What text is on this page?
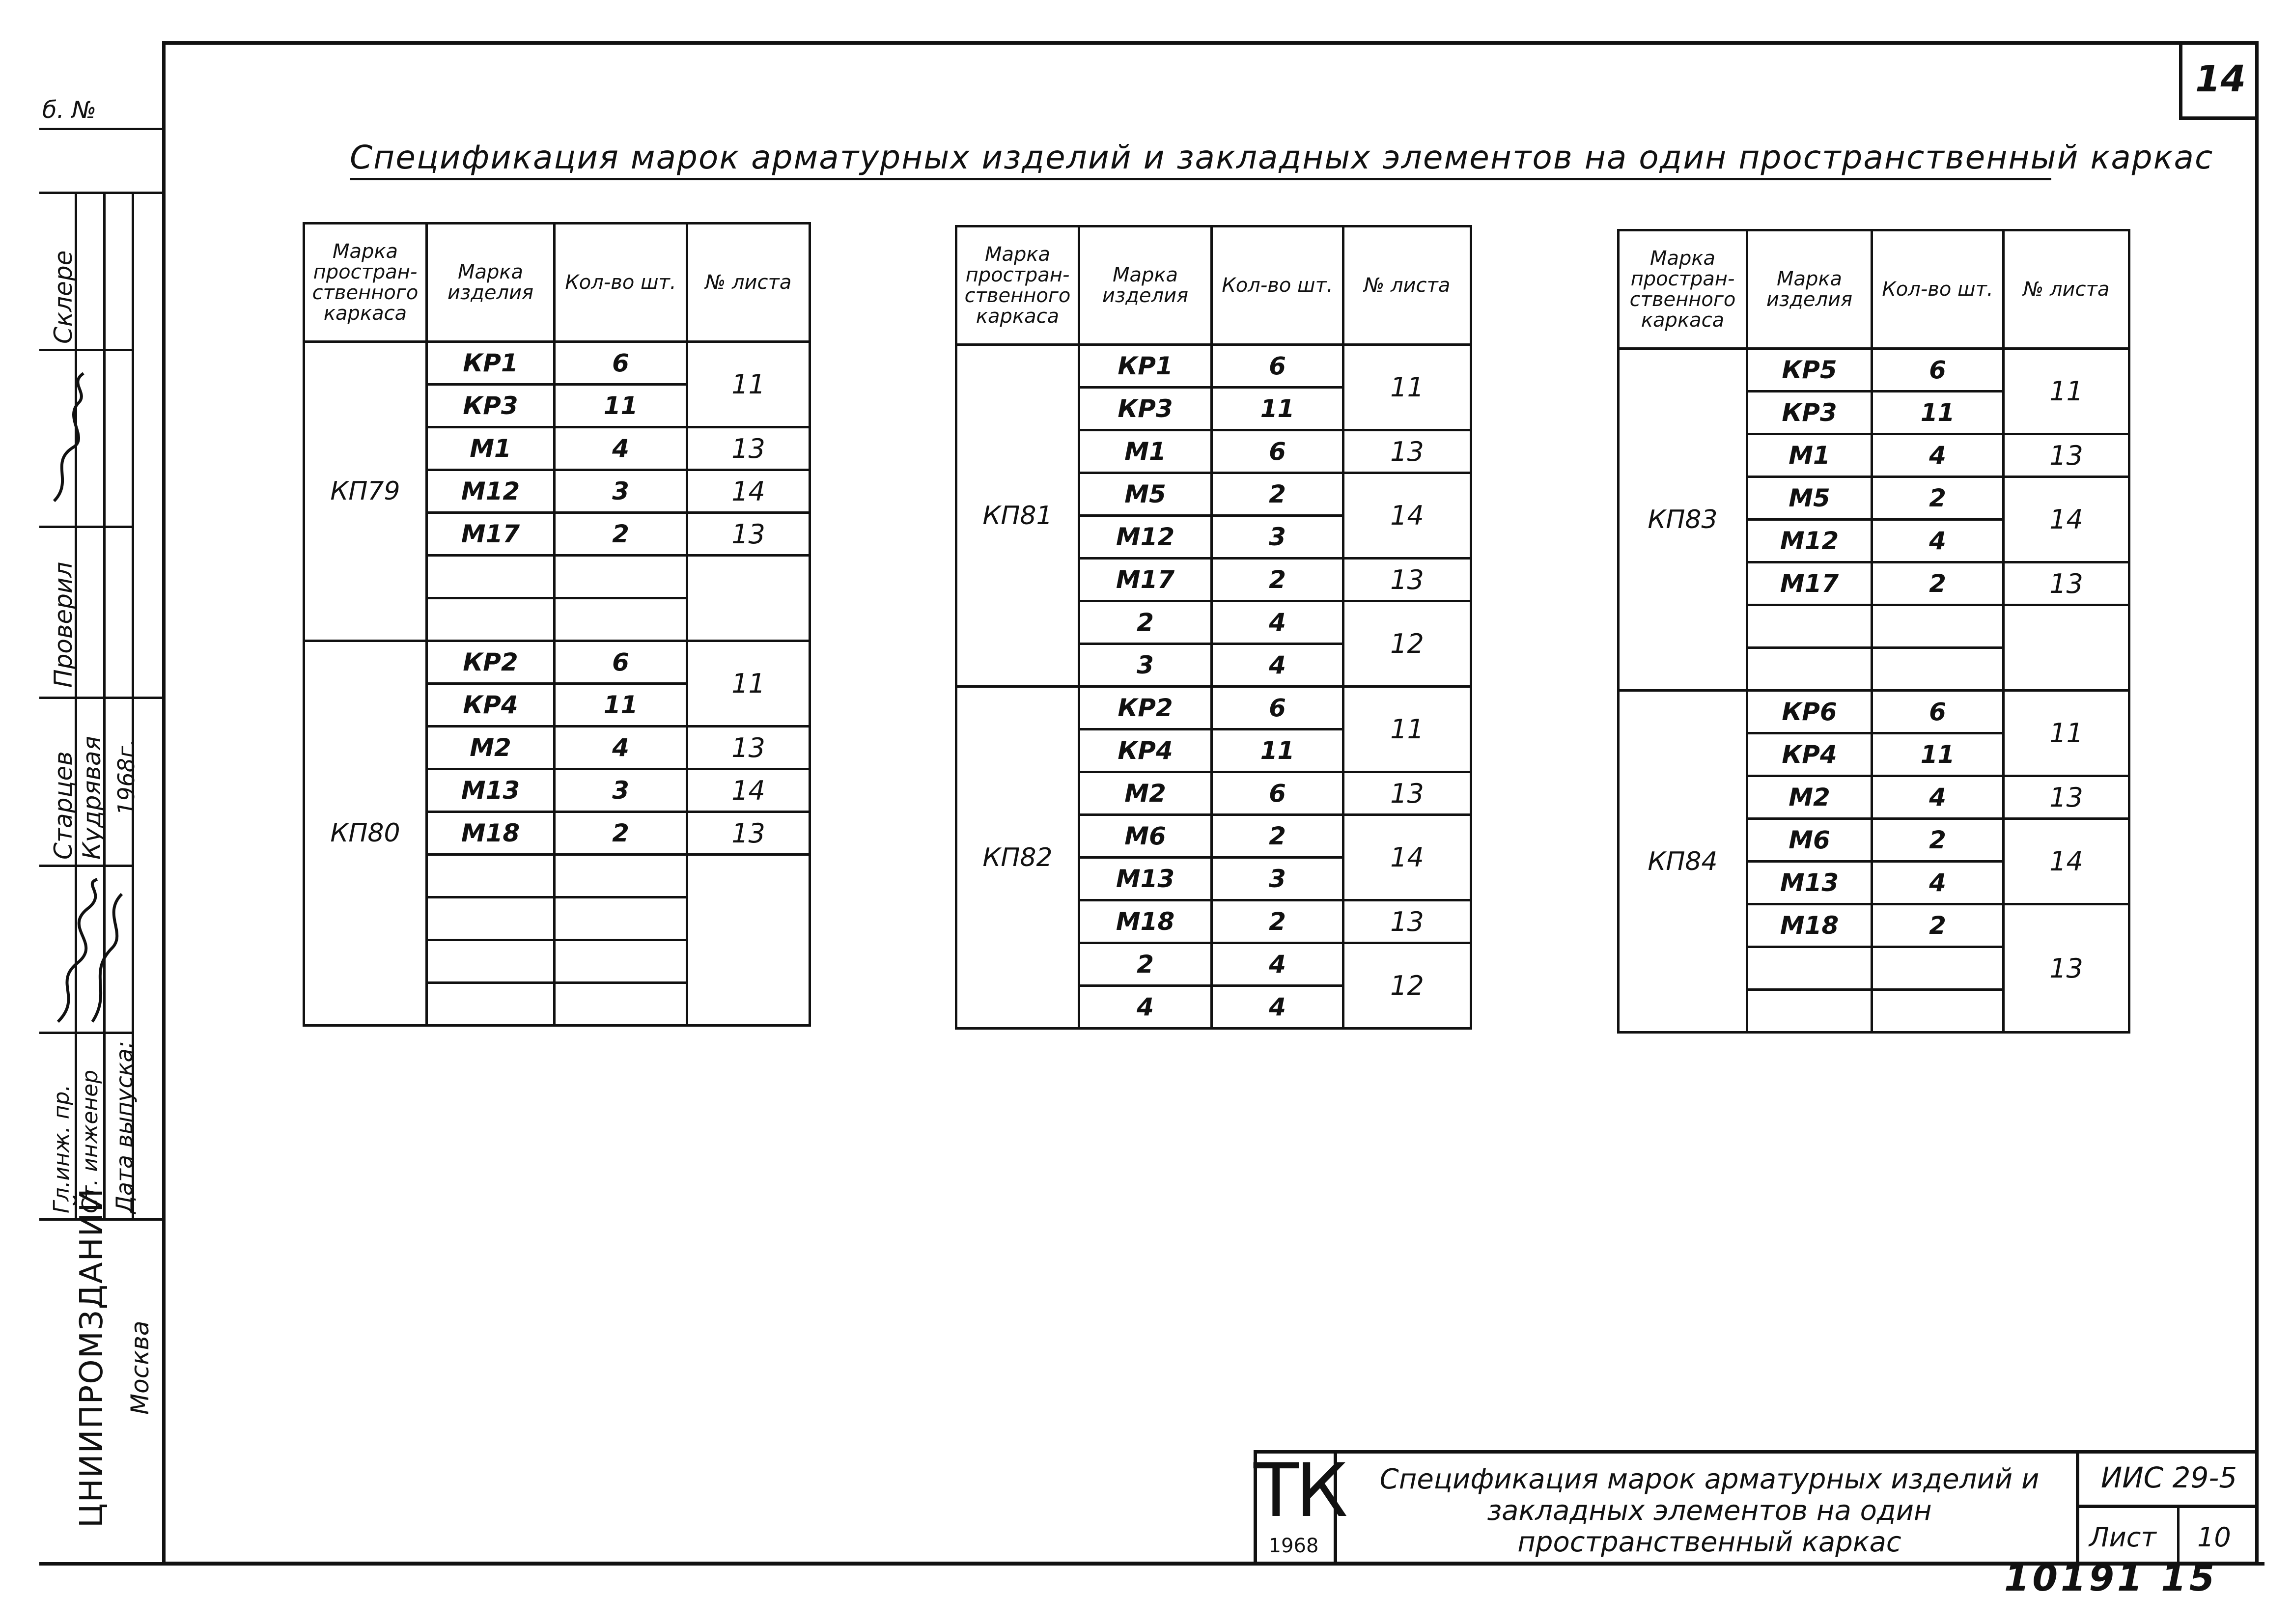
14
Спецификация марок арматурных изделий и закладных элементов на один пространственный каркас
б. №
Склере
Проверил
Старцев Кудрявая 1968г.
Гл.инж. пр. Ст. инженер Дата выпуска:
ЦНИИПРОМЗДАНИЙ Москва
Марка простран-ственного каркаса	Марка изделия	Кол-во шт.	№ листа
КП79	КР1	6	11
	КР3	11	
	М1	4	13
	М12	3	14
	М17	2	13

КП80	КР2	6	11
	КР4	11	
	М2	4	13
	М13	3	14
	М18	2	13

Марка простран-ственного каркаса	Марка изделия	Кол-во шт.	№ листа
КП81	КР1	6	11
	КР3	11	
	М1	6	13
	М5	2	14
	М12	3	
	М17	2	13
	2	4	12
	3	4	
КП82	КР2	6	11
	КР4	11	
	М2	6	13
	М6	2	14
	М13	3	
	М18	2	13
	2	4	12
	4	4	
Марка простран-ственного каркаса	Марка изделия	Кол-во шт.	№ листа
КП83	КР5	6	11
	КР3	11	
	М1	4	13
	М5	2	14
	М12	4	
	М17	2	13

КП84	КР6	6	11
	КР4	11	
	М2	4	13
	М6	2	14
	М13	4	
	М18	2	13

ТК
1968
Спецификация марок арматурных изделий и закладных элементов на один пространственный каркас
ИИС 29-5
Лист 10
10191 15
